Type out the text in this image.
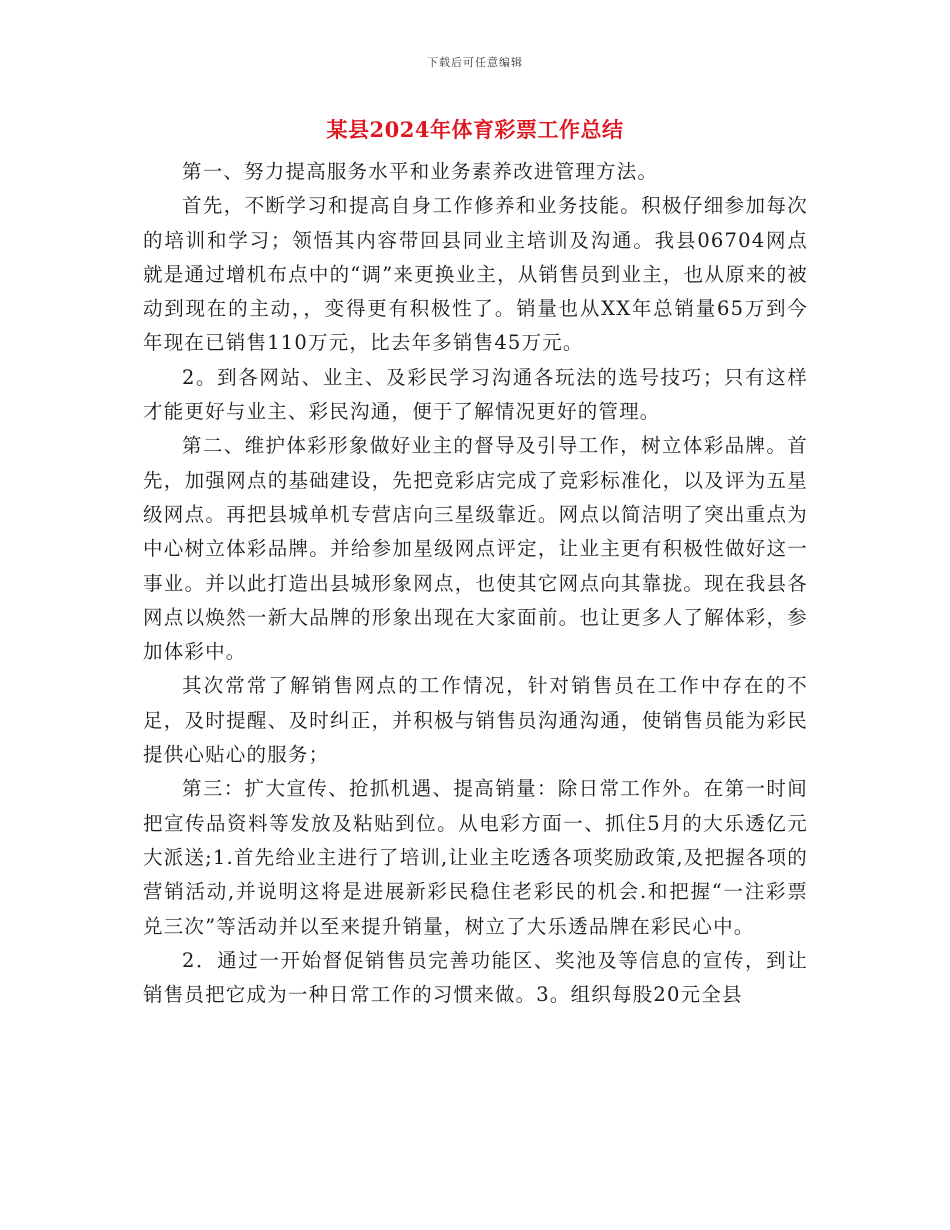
下载后可任意编辑
某县2024年体育彩票工作总结

第一、努力提高服务水平和业务素养改进管理方法。

首先，不断学习和提高自身工作修养和业务技能。积极仔细参加每次的培训和学习；领悟其内容带回县同业主培训及沟通。我县06704网点就是通过增机布点中的“调”来更换业主，从销售员到业主，也从原来的被动到现在的主动，，变得更有积极性了。销量也从XX年总销量65万到今年现在已销售110万元，比去年多销售45万元。

2。到各网站、业主、及彩民学习沟通各玩法的选号技巧；只有这样才能更好与业主、彩民沟通，便于了解情况更好的管理。

第二、维护体彩形象做好业主的督导及引导工作，树立体彩品牌。首先，加强网点的基础建设，先把竞彩店完成了竞彩标准化，以及评为五星级网点。再把县城单机专营店向三星级靠近。网点以简洁明了突出重点为中心树立体彩品牌。并给参加星级网点评定，让业主更有积极性做好这一事业。并以此打造出县城形象网点，也使其它网点向其靠拢。现在我县各网点以焕然一新大品牌的形象出现在大家面前。也让更多人了解体彩，参加体彩中。

其次常常了解销售网点的工作情况，针对销售员在工作中存在的不足，及时提醒、及时纠正，并积极与销售员沟通沟通，使销售员能为彩民提供心贴心的服务；

第三：扩大宣传、抢抓机遇、提高销量：除日常工作外。在第一时间把宣传品资料等发放及粘贴到位。从电彩方面一、抓住5月的大乐透亿元大派送;1.首先给业主进行了培训,让业主吃透各项奖励政策,及把握各项的营销活动,并说明这将是进展新彩民稳住老彩民的机会.和把握“一注彩票兑三次”等活动并以至来提升销量，树立了大乐透品牌在彩民心中。

2．通过一开始督促销售员完善功能区、奖池及等信息的宣传，到让销售员把它成为一种日常工作的习惯来做。3。组织每股20元全县
